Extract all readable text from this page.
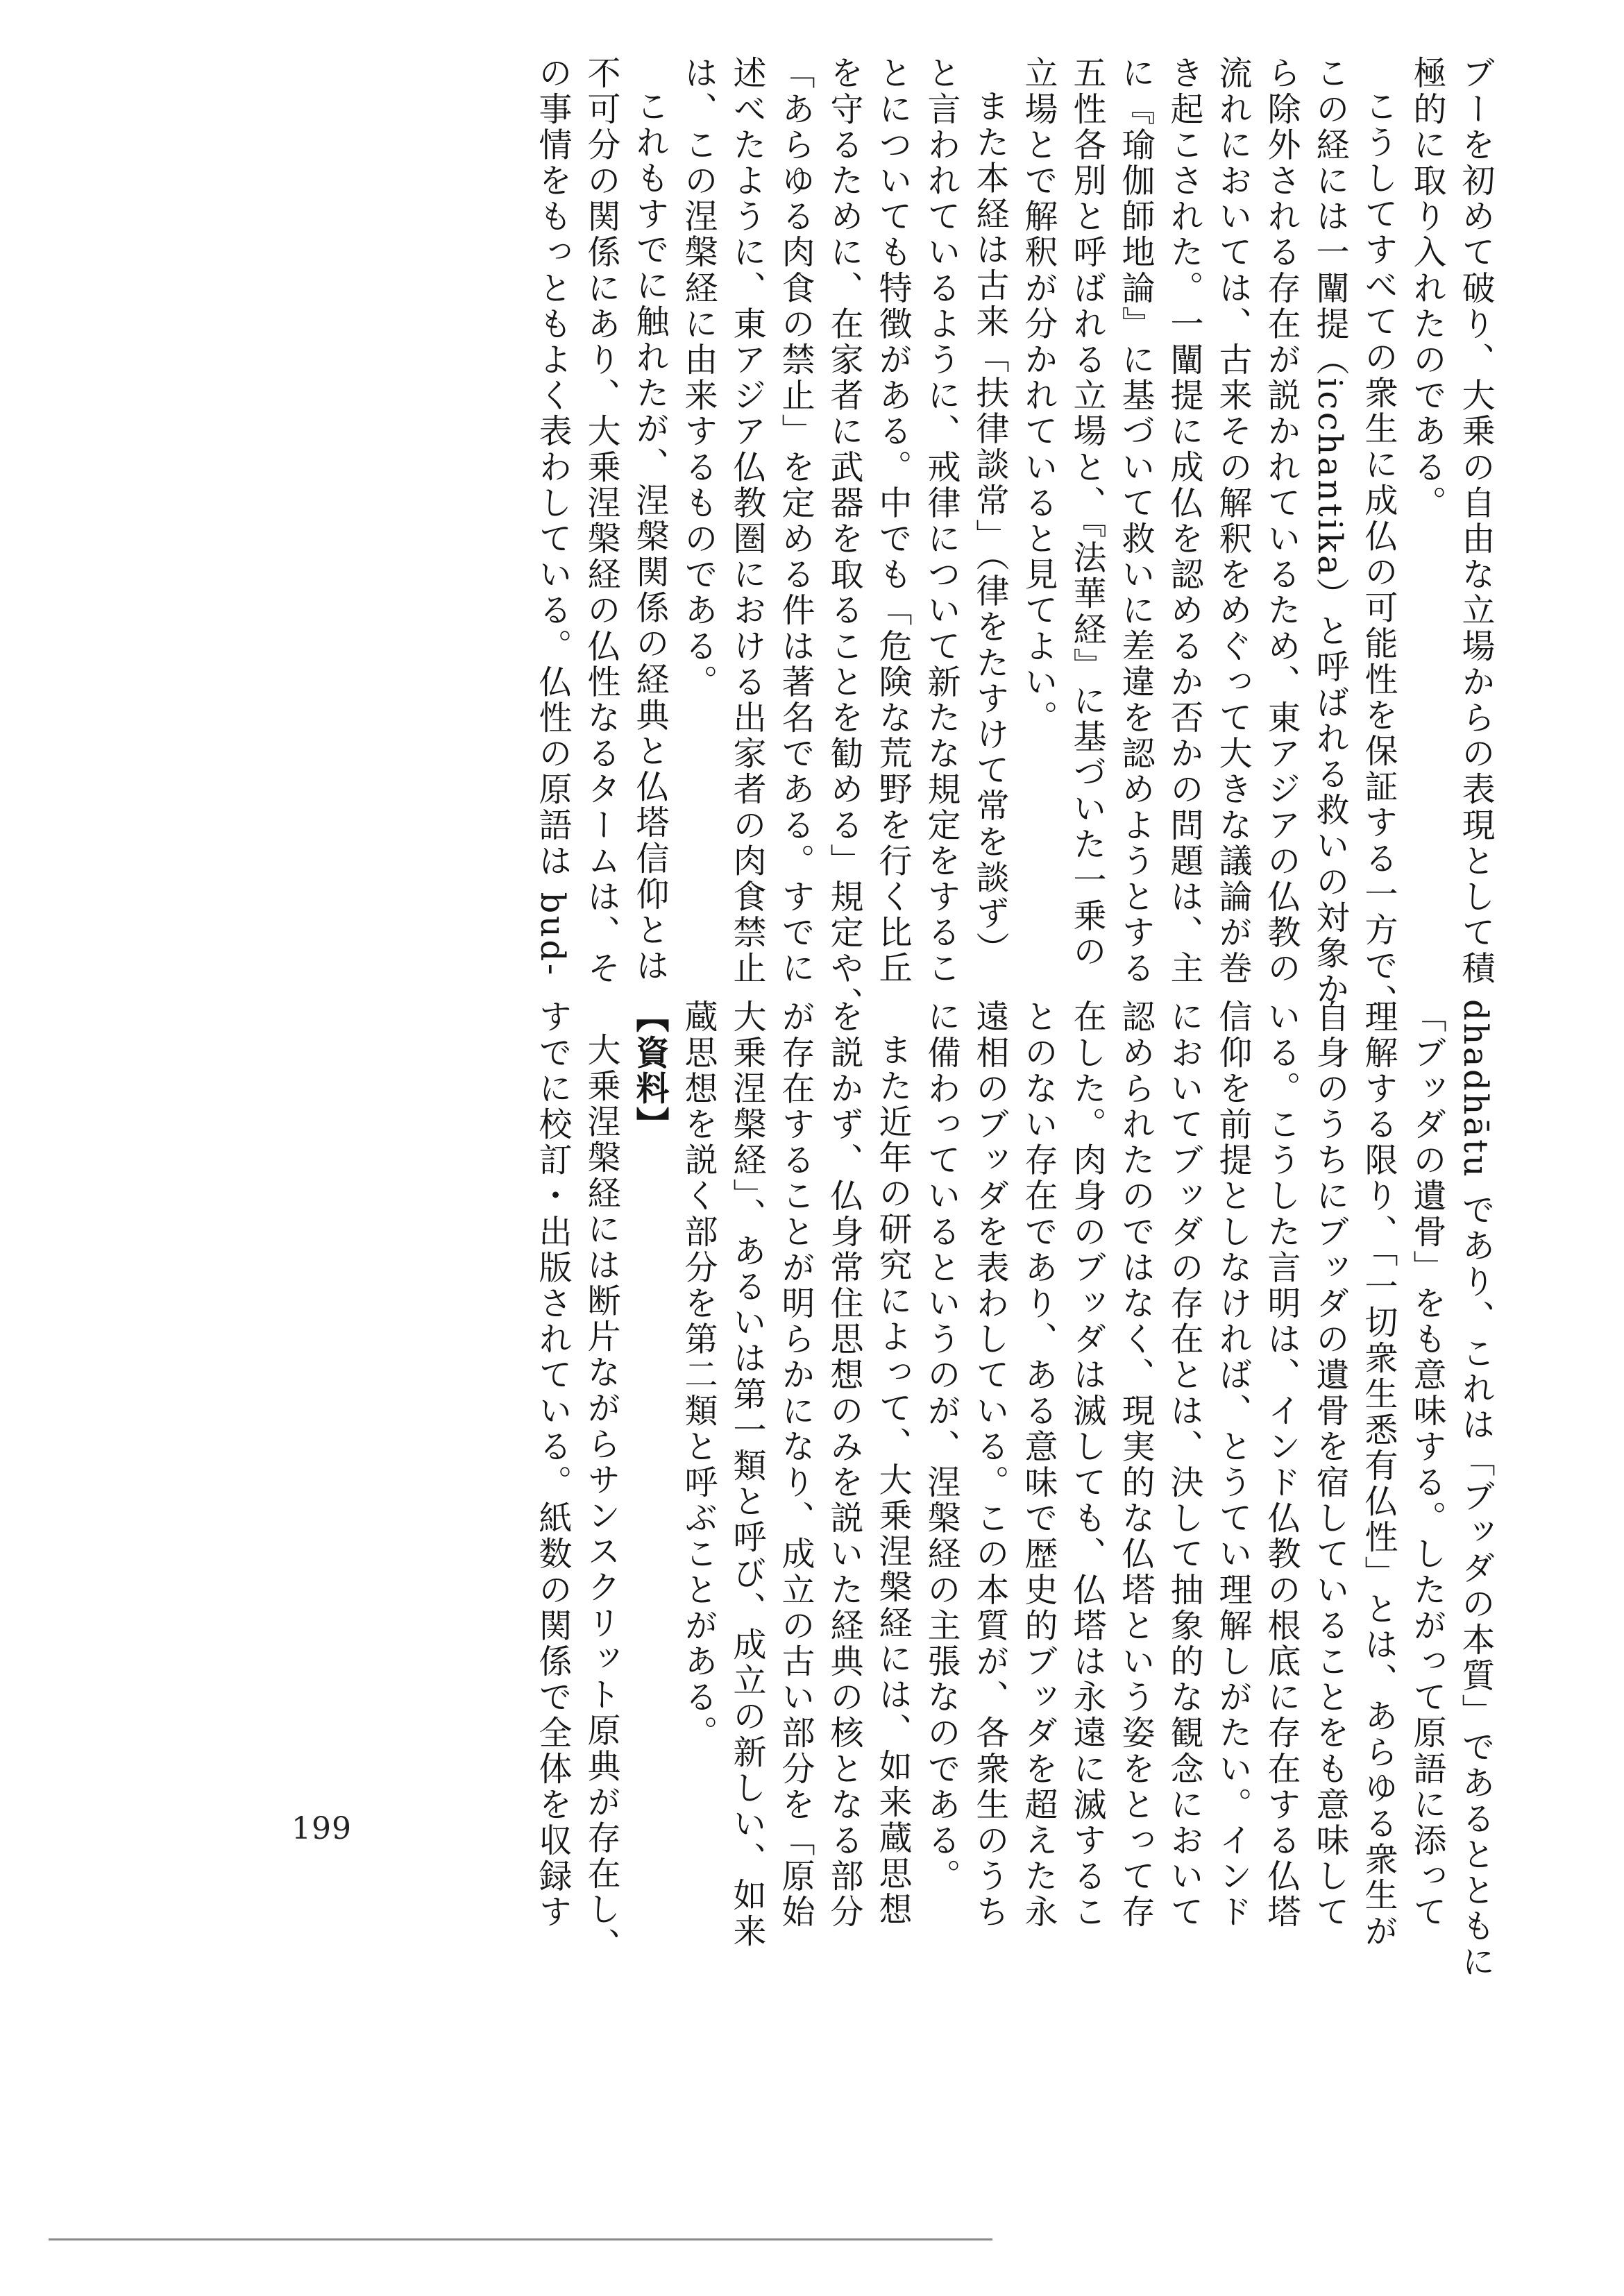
ブーを初めて破り、大乗の自由な立場からの表現として積
極的に取り入れたのである。
こうしてすべての衆生に成仏の可能性を保証する一方で、
この経には一闡提（icchantika）と呼ばれる救いの対象か
ら除外される存在が説かれているため、東アジアの仏教の
流れにおいては、古来その解釈をめぐって大きな議論が巻
き起こされた。一闡提に成仏を認めるか否かの問題は、主
に『瑜伽師地論』に基づいて救いに差違を認めようとする
五性各別と呼ばれる立場と、『法華経』に基づいた一乗の
立場とで解釈が分かれていると見てよい。
また本経は古来「扶律談常」（律をたすけて常を談ず）
と言われているように、戒律について新たな規定をするこ
とについても特徴がある。中でも「危険な荒野を行く比丘
を守るために、在家者に武器を取ることを勧める」規定や、
「あらゆる肉食の禁止」を定める件は著名である。すでに
述べたように、東アジア仏教圏における出家者の肉食禁止
は、この涅槃経に由来するものである。
これもすでに触れたが、涅槃関係の経典と仏塔信仰とは
不可分の関係にあり、大乗涅槃経の仏性なるタームは、そ
の事情をもっともよく表わしている。仏性の原語は bud-
dhadhātu であり、これは「ブッダの本質」であるとともに
「ブッダの遺骨」をも意味する。したがって原語に添って
理解する限り、「一切衆生悉有仏性」とは、あらゆる衆生が
自身のうちにブッダの遺骨を宿していることをも意味して
いる。こうした言明は、インド仏教の根底に存在する仏塔
信仰を前提としなければ、とうてい理解しがたい。インド
においてブッダの存在とは、決して抽象的な観念において
認められたのではなく、現実的な仏塔という姿をとって存
在した。肉身のブッダは滅しても、仏塔は永遠に滅するこ
とのない存在であり、ある意味で歴史的ブッダを超えた永
遠相のブッダを表わしている。この本質が、各衆生のうち
に備わっているというのが、涅槃経の主張なのである。
また近年の研究によって、大乗涅槃経には、如来蔵思想
を説かず、仏身常住思想のみを説いた経典の核となる部分
が存在することが明らかになり、成立の古い部分を「原始
大乗涅槃経」、あるいは第一類と呼び、成立の新しい、如来
蔵思想を説く部分を第二類と呼ぶことがある。
【資料】
大乗涅槃経には断片ながらサンスクリット原典が存在し、
すでに校訂・出版されている。紙数の関係で全体を収録す
199
